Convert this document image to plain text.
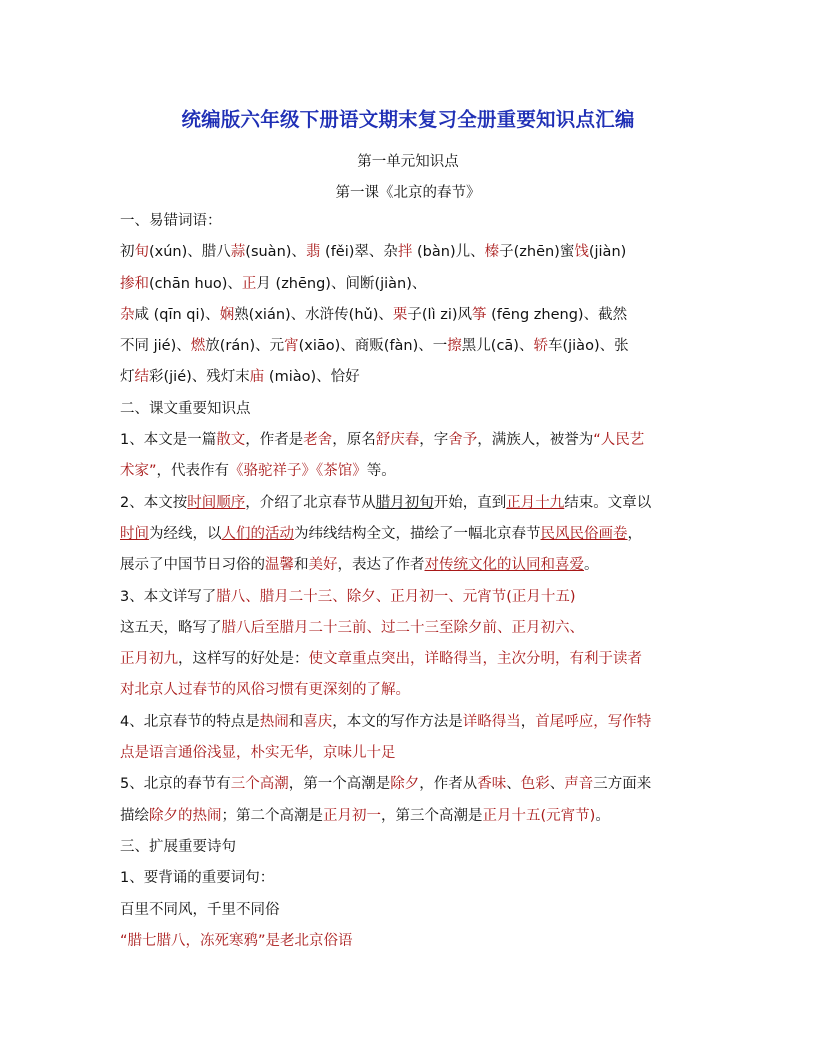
统编版六年级下册语文期末复习全册重要知识点汇编
第一单元知识点
第一课《北京的春节》
一、易错词语：
初旬(xún)、腊八蒜(suàn)、翡 (fěi)翠、杂拌 (bàn)儿、榛子(zhēn)蜜饯(jiàn)
掺和(chān huo)、正月 (zhēng)、间断(jiàn)、
杂咸 (qīn qi)、娴熟(xián)、水浒传(hǔ)、栗子(lì zi)风筝 (fēng zheng)、截然
不同 jié)、燃放(rán)、元宵(xiāo)、商贩(fàn)、一擦黑儿(cā)、轿车(jiào)、张
灯结彩(jié)、残灯末庙 (miào)、恰好
二、课文重要知识点
1、本文是一篇散文，作者是老舍，原名舒庆春，字舍予，满族人，被誉为“人民艺
术家”，代表作有《骆驼祥子》《茶馆》等。
2、本文按时间顺序，介绍了北京春节从腊月初旬开始，直到正月十九结束。文章以
时间为经线，以人们的活动为纬线结构全文，描绘了一幅北京春节民风民俗画卷，
展示了中国节日习俗的温馨和美好，表达了作者对传统文化的认同和喜爱。
3、本文详写了腊八、腊月二十三、除夕、正月初一、元宵节(正月十五)
这五天，略写了腊八后至腊月二十三前、过二十三至除夕前、正月初六、
正月初九，这样写的好处是：使文章重点突出，详略得当，主次分明，有利于读者
对北京人过春节的风俗习惯有更深刻的了解。
4、北京春节的特点是热闹和喜庆，本文的写作方法是详略得当，首尾呼应，写作特
点是语言通俗浅显，朴实无华，京味儿十足
5、北京的春节有三个高潮，第一个高潮是除夕，作者从香味、色彩、声音三方面来
描绘除夕的热闹；第二个高潮是正月初一，第三个高潮是正月十五(元宵节)。
三、扩展重要诗句
1、要背诵的重要词句：
百里不同风，千里不同俗
“腊七腊八，冻死寒鸦”是老北京俗语
